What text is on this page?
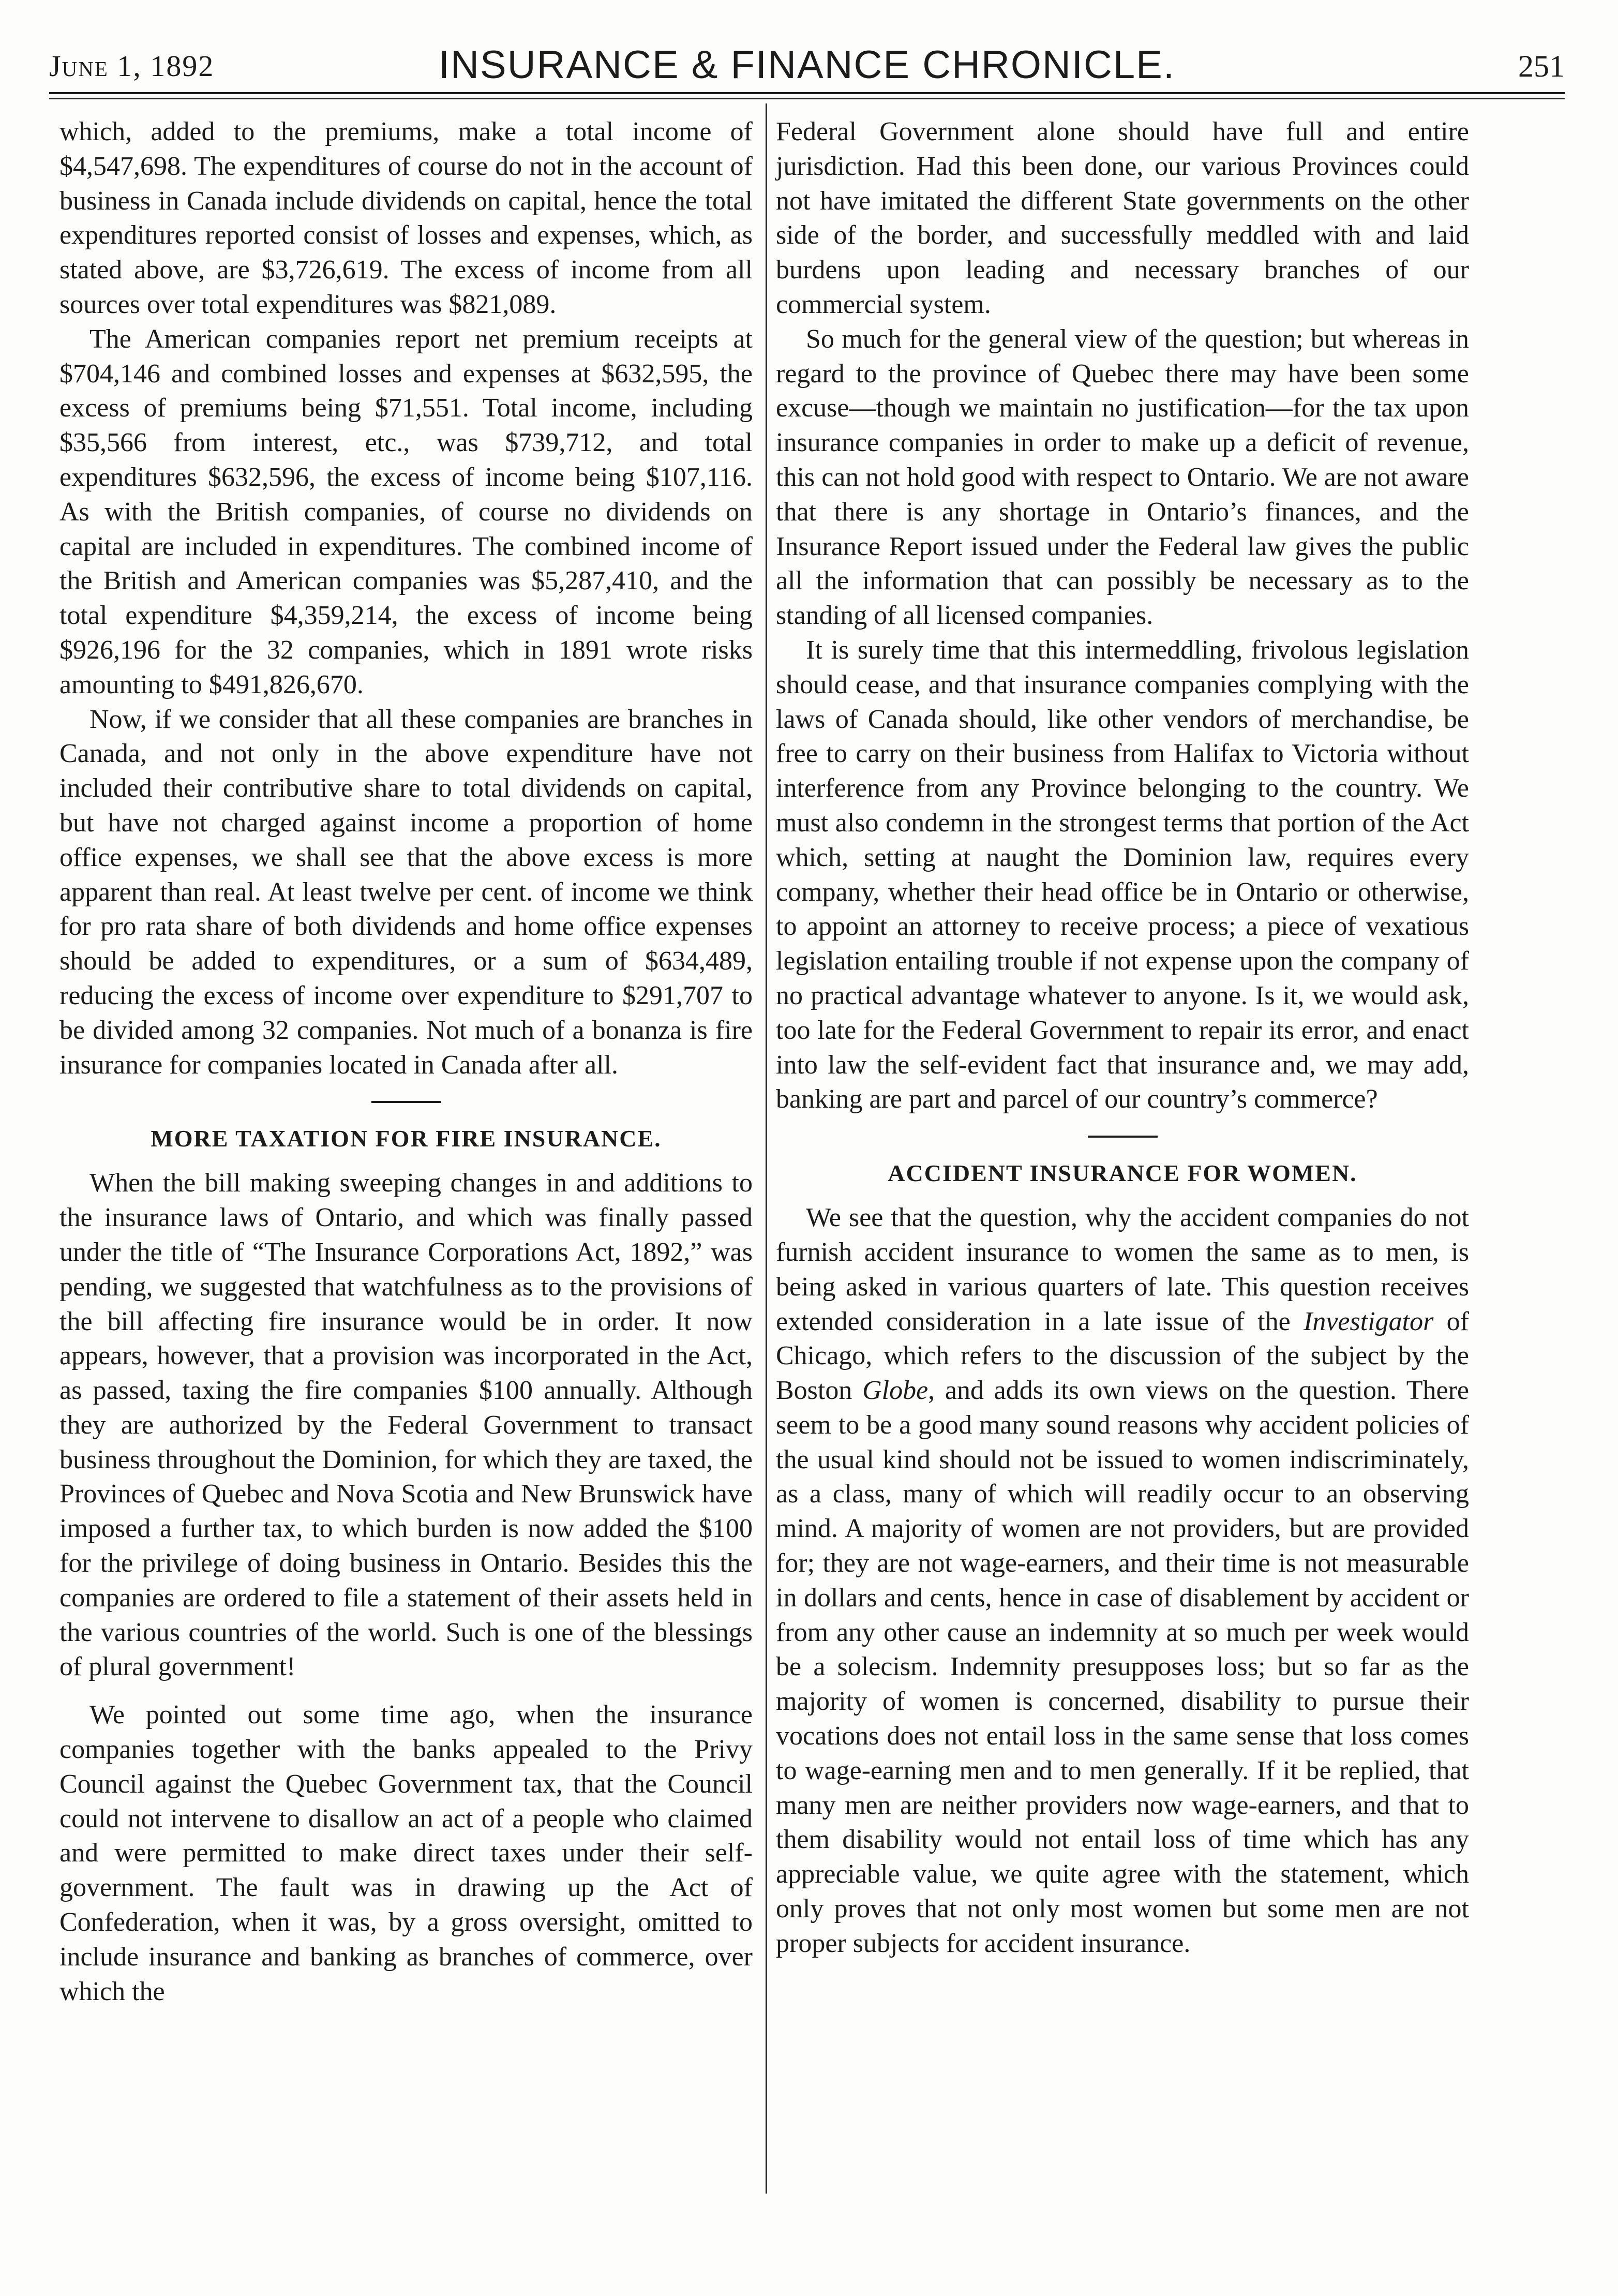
June 1, 1892	INSURANCE & FINANCE CHRONICLE.	251

which, added to the premiums, make a total income of $4,547,698. The expenditures of course do not in the account of business in Canada include dividends on capital, hence the total expenditures reported consist of losses and expenses, which, as stated above, are $3,726,619. The excess of income from all sources over total expenditures was $821,089.

The American companies report net premium receipts at $704,146 and combined losses and expenses at $632,595, the excess of premiums being $71,551. Total income, including $35,566 from interest, etc., was $739,712, and total expenditures $632,596, the excess of income being $107,116. As with the British companies, of course no dividends on capital are included in expenditures. The combined income of the British and American companies was $5,287,410, and the total expenditure $4,359,214, the excess of income being $926,196 for the 32 companies, which in 1891 wrote risks amounting to $491,826,670.

Now, if we consider that all these companies are branches in Canada, and not only in the above expenditure have not included their contributive share to total dividends on capital, but have not charged against income a proportion of home office expenses, we shall see that the above excess is more apparent than real. At least twelve per cent. of income we think for pro rata share of both dividends and home office expenses should be added to expenditures, or a sum of $634,489, reducing the excess of income over expenditure to $291,707 to be divided among 32 companies. Not much of a bonanza is fire insurance for companies located in Canada after all.

MORE TAXATION FOR FIRE INSURANCE.

When the bill making sweeping changes in and additions to the insurance laws of Ontario, and which was finally passed under the title of “The Insurance Corporations Act, 1892,” was pending, we suggested that watchfulness as to the provisions of the bill affecting fire insurance would be in order. It now appears, however, that a provision was incorporated in the Act, as passed, taxing the fire companies $100 annually. Although they are authorized by the Federal Government to transact business throughout the Dominion, for which they are taxed, the Provinces of Quebec and Nova Scotia and New Brunswick have imposed a further tax, to which burden is now added the $100 for the privilege of doing business in Ontario. Besides this the companies are ordered to file a statement of their assets held in the various countries of the world. Such is one of the blessings of plural government!

We pointed out some time ago, when the insurance companies together with the banks appealed to the Privy Council against the Quebec Government tax, that the Council could not intervene to disallow an act of a people who claimed and were permitted to make direct taxes under their self-government. The fault was in drawing up the Act of Confederation, when it was, by a gross oversight, omitted to include insurance and banking as branches of commerce, over which the

Federal Government alone should have full and entire jurisdiction. Had this been done, our various Provinces could not have imitated the different State governments on the other side of the border, and successfully meddled with and laid burdens upon leading and necessary branches of our commercial system.

So much for the general view of the question; but whereas in regard to the province of Quebec there may have been some excuse—though we maintain no justification—for the tax upon insurance companies in order to make up a deficit of revenue, this can not hold good with respect to Ontario. We are not aware that there is any shortage in Ontario’s finances, and the Insurance Report issued under the Federal law gives the public all the information that can possibly be necessary as to the standing of all licensed companies.

It is surely time that this intermeddling, frivolous legislation should cease, and that insurance companies complying with the laws of Canada should, like other vendors of merchandise, be free to carry on their business from Halifax to Victoria without interference from any Province belonging to the country. We must also condemn in the strongest terms that portion of the Act which, setting at naught the Dominion law, requires every company, whether their head office be in Ontario or otherwise, to appoint an attorney to receive process; a piece of vexatious legislation entailing trouble if not expense upon the company of no practical advantage whatever to anyone. Is it, we would ask, too late for the Federal Government to repair its error, and enact into law the self-evident fact that insurance and, we may add, banking are part and parcel of our country’s commerce?

ACCIDENT INSURANCE FOR WOMEN.

We see that the question, why the accident companies do not furnish accident insurance to women the same as to men, is being asked in various quarters of late. This question receives extended consideration in a late issue of the Investigator of Chicago, which refers to the discussion of the subject by the Boston Globe, and adds its own views on the question. There seem to be a good many sound reasons why accident policies of the usual kind should not be issued to women indiscriminately, as a class, many of which will readily occur to an observing mind. A majority of women are not providers, but are provided for; they are not wage-earners, and their time is not measurable in dollars and cents, hence in case of disablement by accident or from any other cause an indemnity at so much per week would be a solecism. Indemnity presupposes loss; but so far as the majority of women is concerned, disability to pursue their vocations does not entail loss in the same sense that loss comes to wage-earning men and to men generally. If it be replied, that many men are neither providers now wage-earners, and that to them disability would not entail loss of time which has any appreciable value, we quite agree with the statement, which only proves that not only most women but some men are not proper subjects for accident insurance.
